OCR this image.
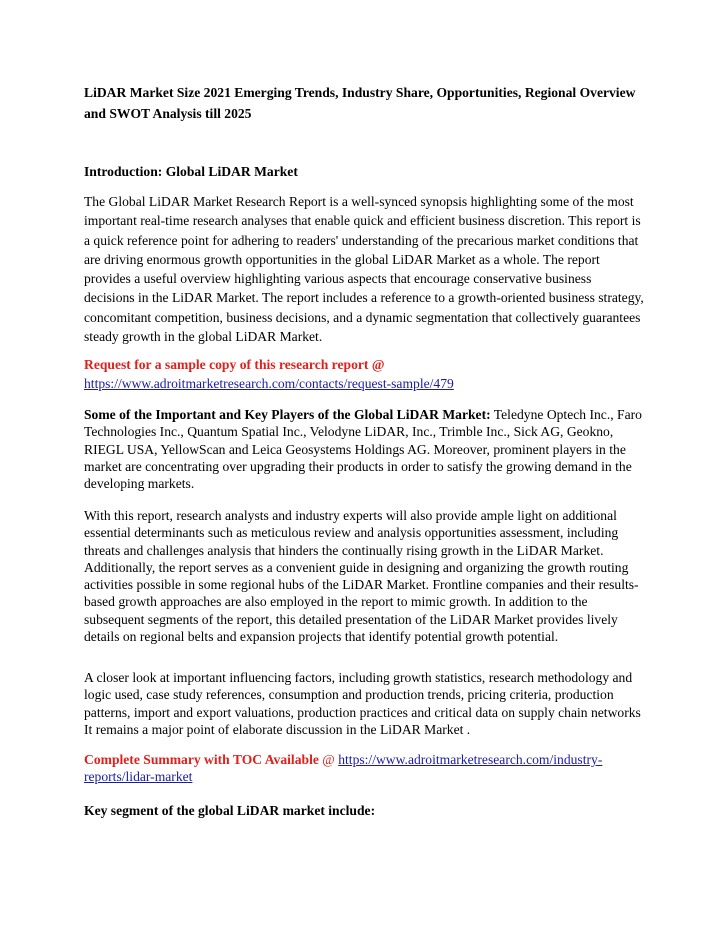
LiDAR Market Size 2021 Emerging Trends, Industry Share, Opportunities, Regional Overview and SWOT Analysis till 2025

Introduction: Global LiDAR Market

The Global LiDAR Market Research Report is a well-synced synopsis highlighting some of the most important real-time research analyses that enable quick and efficient business discretion. This report is a quick reference point for adhering to readers' understanding of the precarious market conditions that are driving enormous growth opportunities in the global LiDAR Market as a whole. The report provides a useful overview highlighting various aspects that encourage conservative business decisions in the LiDAR Market. The report includes a reference to a growth-oriented business strategy, concomitant competition, business decisions, and a dynamic segmentation that collectively guarantees steady growth in the global LiDAR Market.

Request for a sample copy of this research report @

https://www.adroitmarketresearch.com/contacts/request-sample/479

Some of the Important and Key Players of the Global LiDAR Market: Teledyne Optech Inc., Faro Technologies Inc., Quantum Spatial Inc., Velodyne LiDAR, Inc., Trimble Inc., Sick AG, Geokno, RIEGL USA, YellowScan and Leica Geosystems Holdings AG. Moreover, prominent players in the market are concentrating over upgrading their products in order to satisfy the growing demand in the developing markets.

With this report, research analysts and industry experts will also provide ample light on additional essential determinants such as meticulous review and analysis opportunities assessment, including threats and challenges analysis that hinders the continually rising growth in the LiDAR Market. Additionally, the report serves as a convenient guide in designing and organizing the growth routing activities possible in some regional hubs of the LiDAR Market. Frontline companies and their results-based growth approaches are also employed in the report to mimic growth. In addition to the subsequent segments of the report, this detailed presentation of the LiDAR Market provides lively details on regional belts and expansion projects that identify potential growth potential.

A closer look at important influencing factors, including growth statistics, research methodology and logic used, case study references, consumption and production trends, pricing criteria, production patterns, import and export valuations, production practices and critical data on supply chain networks It remains a major point of elaborate discussion in the LiDAR Market .

Complete Summary with TOC Available @ https://www.adroitmarketresearch.com/industry-reports/lidar-market

Key segment of the global LiDAR market include:
